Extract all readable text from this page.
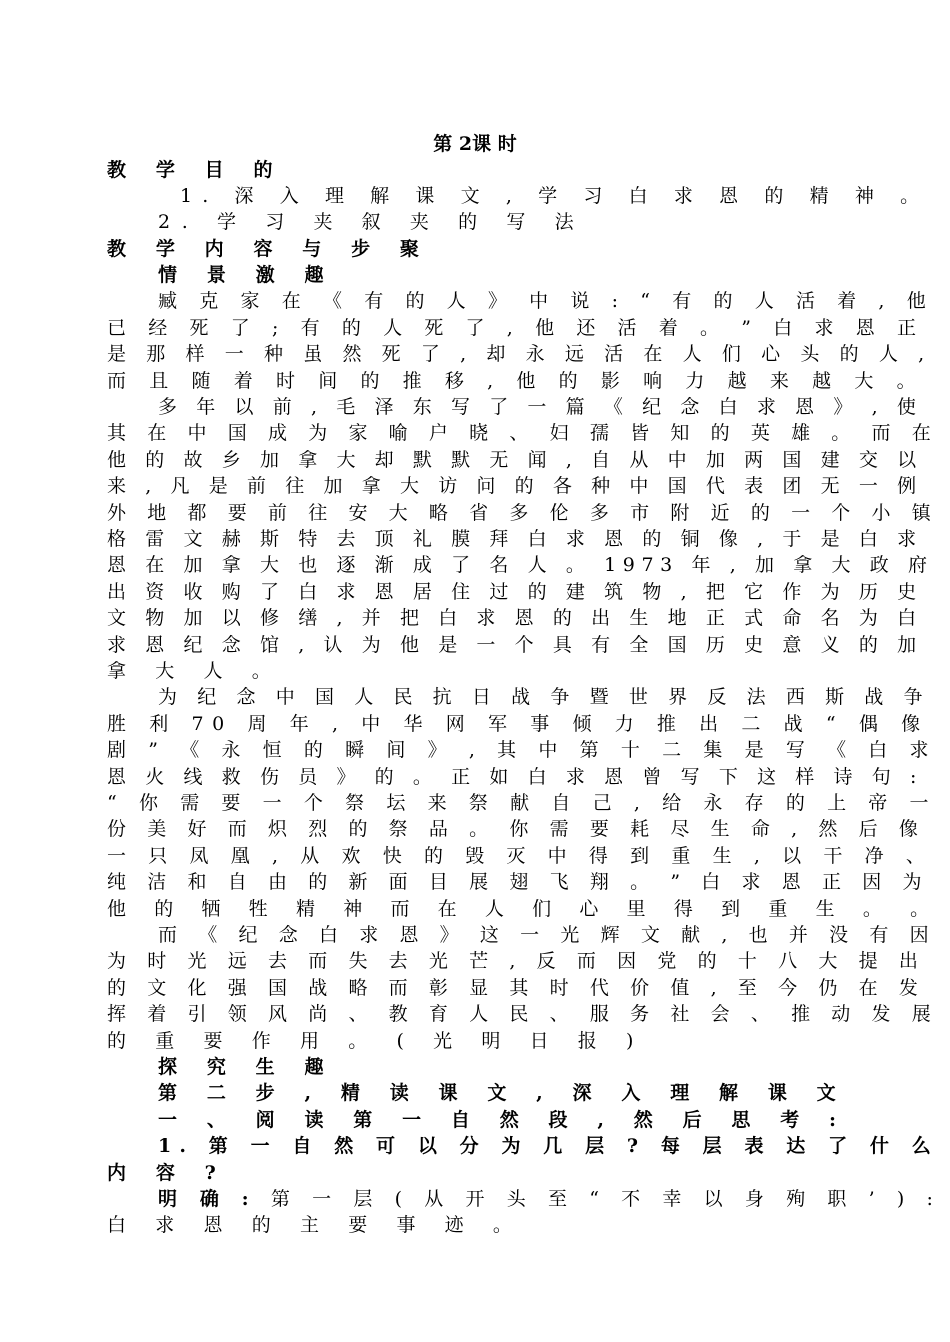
第 2课 时
教 学 目 的
1. 深 入 理 解 课 文 , 学 习 白 求 恩 的 精 神 。
2. 学 习 夹 叙 夹 的 写 法
教 学 内 容 与 步 聚
情 景 激 趣
臧 克 家 在 《 有 的 人 》 中 说 : “ 有 的 人 活 着 , 他
已 经 死 了 ; 有 的 人 死 了 , 他 还 活 着 。 ” 白 求 恩 正
是 那 样 一 种 虽 然 死 了 , 却 永 远 活 在 人 们 心 头 的 人 ,
而 且 随 着 时 间 的 推 移 , 他 的 影 响 力 越 来 越 大 。
多 年 以 前 , 毛 泽 东 写 了 一 篇 《 纪 念 白 求 恩 》 , 使
其 在 中 国 成 为 家 喻 户 晓 、 妇 孺 皆 知 的 英 雄 。 而 在
他 的 故 乡 加 拿 大 却 默 默 无 闻 , 自 从 中 加 两 国 建 交 以
来 , 凡 是 前 往 加 拿 大 访 问 的 各 种 中 国 代 表 团 无 一 例
外 地 都 要 前 往 安 大 略 省 多 伦 多 市 附 近 的 一 个 小 镇
格 雷 文 赫 斯 特 去 顶 礼 膜 拜 白 求 恩 的 铜 像 , 于 是 白 求
恩 在 加 拿 大 也 逐 渐 成 了 名 人 。 1973 年 , 加 拿 大 政 府
出 资 收 购 了 白 求 恩 居 住 过 的 建 筑 物 , 把 它 作 为 历 史
文 物 加 以 修 缮 , 并 把 白 求 恩 的 出 生 地 正 式 命 名 为 白
求 恩 纪 念 馆 , 认 为 他 是 一 个 具 有 全 国 历 史 意 义 的 加
拿 大 人 。
为 纪 念 中 国 人 民 抗 日 战 争 暨 世 界 反 法 西 斯 战 争
胜 利 70 周 年 , 中 华 网 军 事 倾 力 推 出 二 战 “ 偶 像
剧 ” 《 永 恒 的 瞬 间 》 , 其 中 第 十 二 集 是 写 《 白 求
恩 火 线 救 伤 员 》 的 。 正 如 白 求 恩 曾 写 下 这 样 诗 句 :
“ 你 需 要 一 个 祭 坛 来 祭 献 自 己 , 给 永 存 的 上 帝 一
份 美 好 而 炽 烈 的 祭 品 。 你 需 要 耗 尽 生 命 , 然 后 像
一 只 凤 凰 , 从 欢 快 的 毁 灭 中 得 到 重 生 , 以 干 净 、
纯 洁 和 自 由 的 新 面 目 展 翅 飞 翔 。 ” 白 求 恩 正 因 为
他 的 牺 牲 精 神 而 在 人 们 心 里 得 到 重 生 。 。
而 《 纪 念 白 求 恩 》 这 一 光 辉 文 献 , 也 并 没 有 因
为 时 光 远 去 而 失 去 光 芒 , 反 而 因 党 的 十 八 大 提 出
的 文 化 强 国 战 略 而 彰 显 其 时 代 价 值 , 至 今 仍 在 发
挥 着 引 领 风 尚 、 教 育 人 民 、 服 务 社 会 、 推 动 发 展
的 重 要 作 用 。 ( 光 明 日 报 )
探 究 生 趣
第 二 步 , 精 读 课 文 , 深 入 理 解 课 文
一 、 阅 读 第 一 自 然 段 , 然 后 思 考 :
1. 第 一 自 然 可 以 分 为 几 层 ? 每 层 表 达 了 什 么
内 容 ?
明 确 : 第 一 层 ( 从 开 头 至 “ 不 幸 以 身 殉 职 ’ ) :
白 求 恩 的 主 要 事 迹 。
